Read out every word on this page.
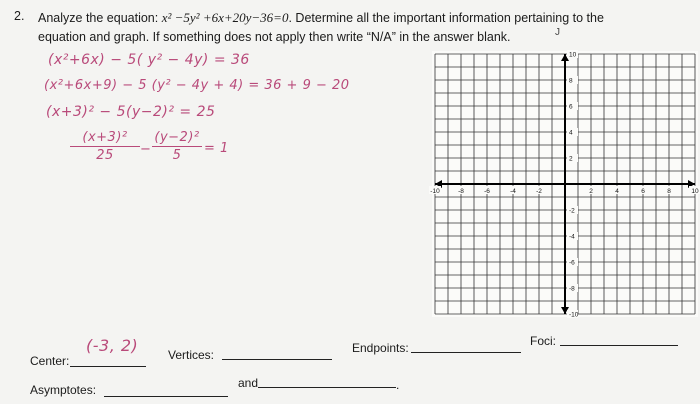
2. Analyze the equation: x² −5y² +6x+20y−36=0. Determine all the important information pertaining to the
equation and graph. If something does not apply then write “N/A” in the answer blank.	J
(x²+6x) − 5( y² − 4y) = 36
(x²+6x+9) − 5 (y² − 4y + 4) = 36 + 9 − 20
(x+3)² − 5(y−2)² = 25
(x+3)²
25	−
(y−2)²
5	= 1
-10	-8	-6	-4	-2	2	4	6	8	10
10
8
6
4
2
-2
-4
-6
-8
-10
Center:
(-3, 2) Vertices:	Endpoints:	Foci:
Asymptotes:	and	.
